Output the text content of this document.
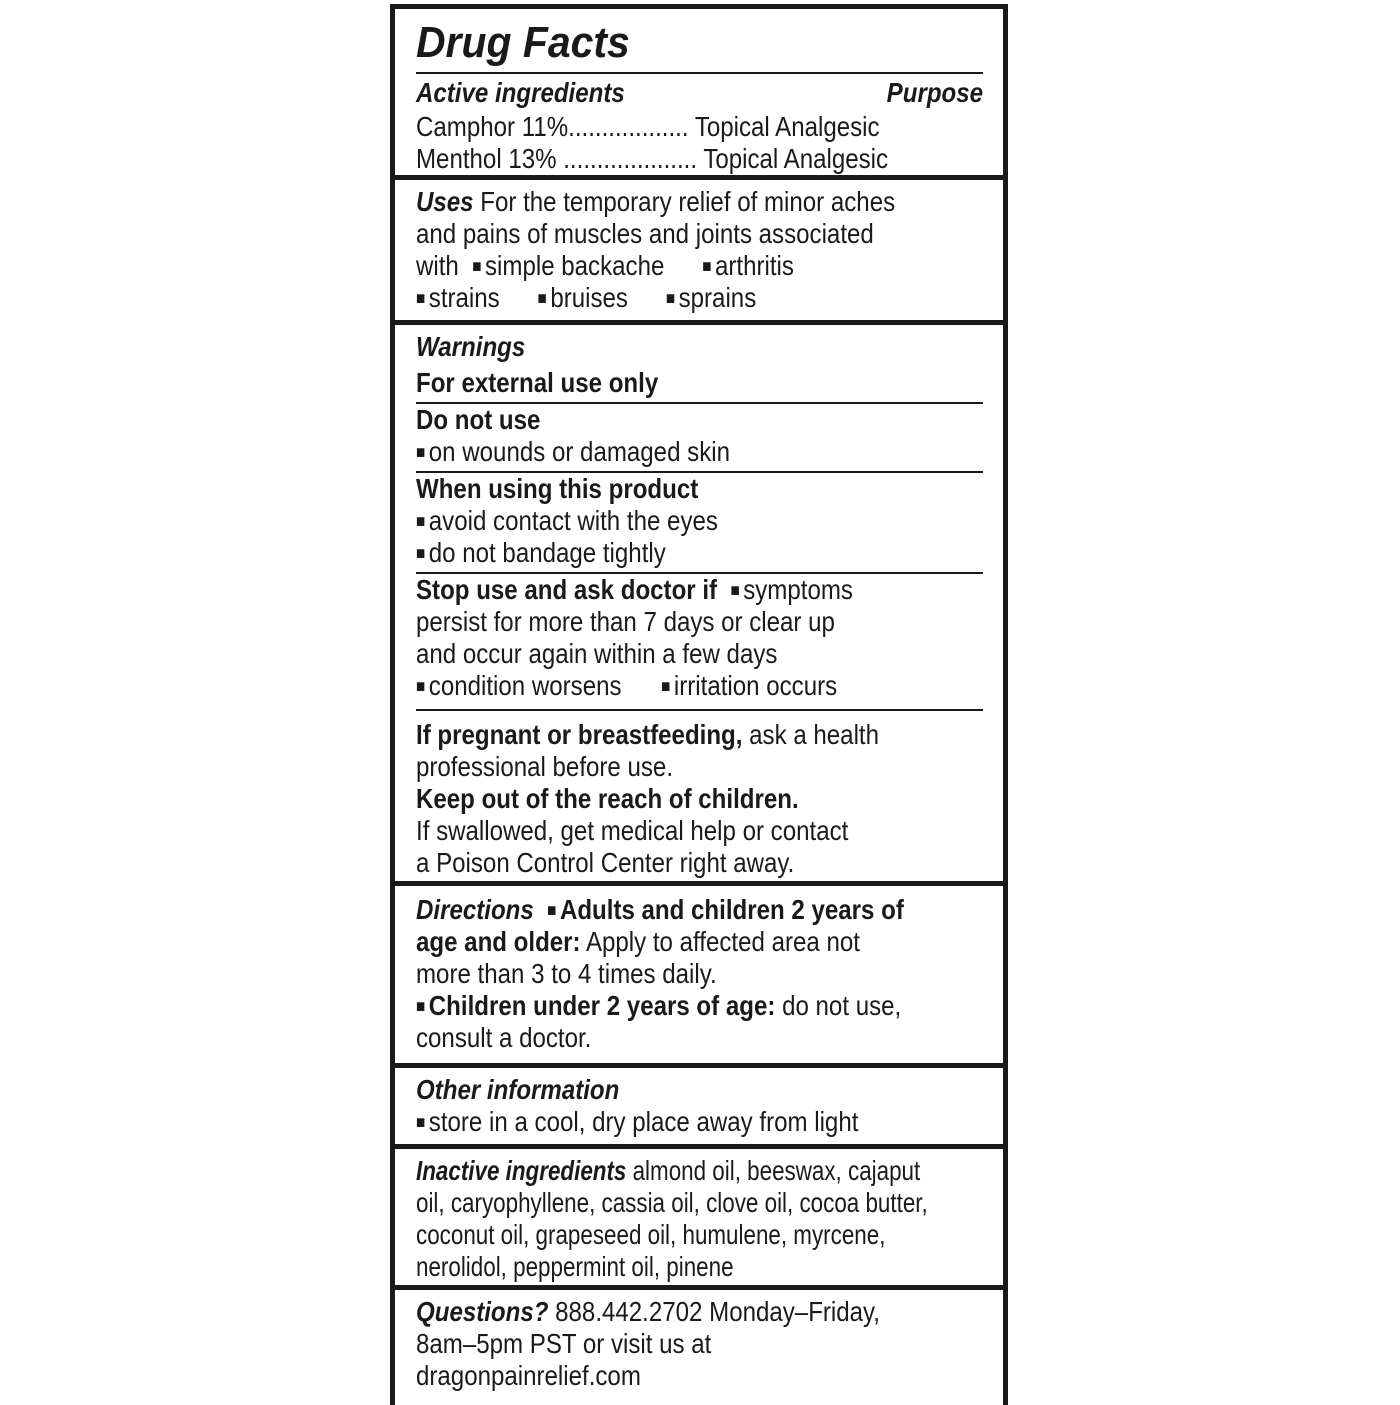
Drug Facts
Active ingredients	Purpose
Camphor 11%.................. Topical Analgesic
Menthol 13% .................... Topical Analgesic
Uses For the temporary relief of minor aches
and pains of muscles and joints associated
with ■ simple backache ■ arthritis
■ strains ■ bruises ■ sprains
Warnings
For external use only
Do not use
■ on wounds or damaged skin
When using this product
■ avoid contact with the eyes
■ do not bandage tightly
Stop use and ask doctor if ■ symptoms
persist for more than 7 days or clear up
and occur again within a few days
■ condition worsens ■ irritation occurs
If pregnant or breastfeeding, ask a health
professional before use.
Keep out of the reach of children.
If swallowed, get medical help or contact
a Poison Control Center right away.
Directions ■ Adults and children 2 years of
age and older: Apply to affected area not
more than 3 to 4 times daily.
■ Children under 2 years of age: do not use,
consult a doctor.
Other information
■ store in a cool, dry place away from light
Inactive ingredients almond oil, beeswax, cajaput
oil, caryophyllene, cassia oil, clove oil, cocoa butter,
coconut oil, grapeseed oil, humulene, myrcene,
nerolidol, peppermint oil, pinene
Questions? 888.442.2702 Monday–Friday,
8am–5pm PST or visit us at
dragonpainrelief.com
